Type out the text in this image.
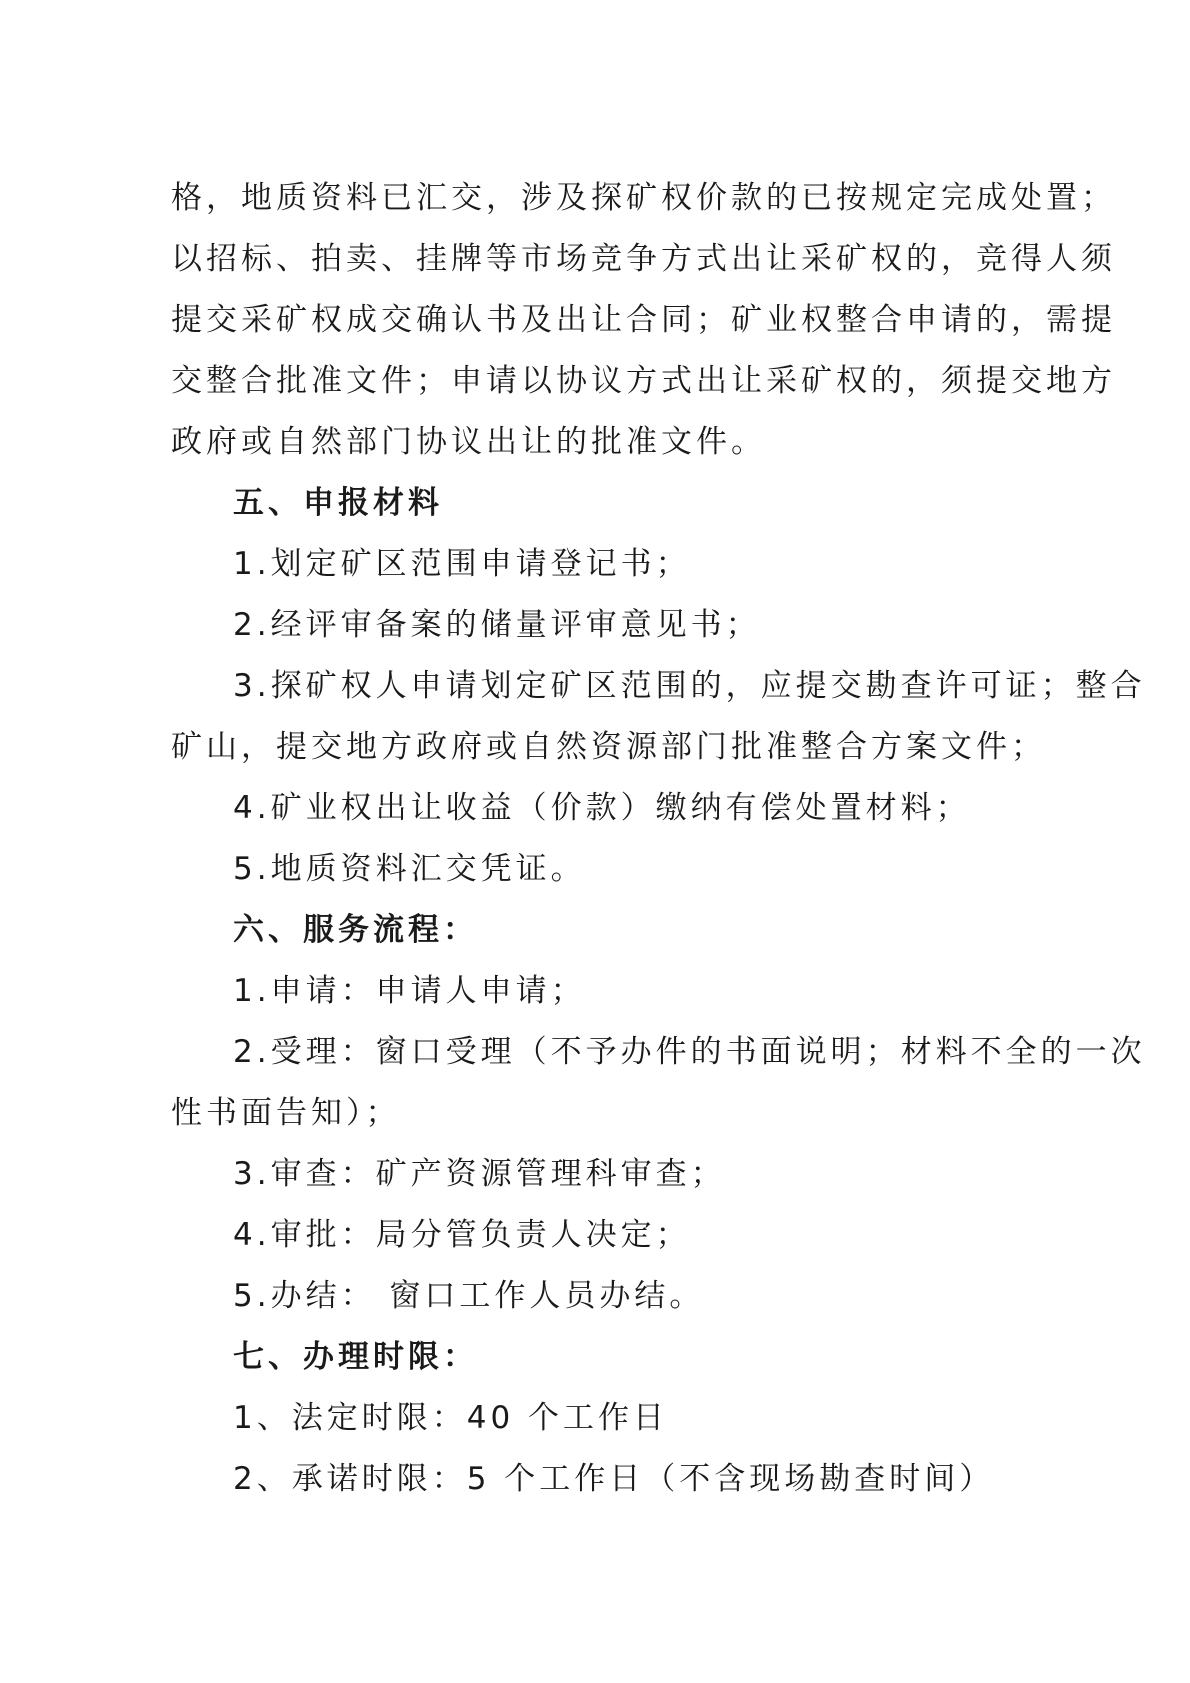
格，地质资料已汇交，涉及探矿权价款的已按规定完成处置；
以招标、拍卖、挂牌等市场竞争方式出让采矿权的，竞得人须
提交采矿权成交确认书及出让合同；矿业权整合申请的，需提
交整合批准文件；申请以协议方式出让采矿权的，须提交地方
政府或自然部门协议出让的批准文件。
五、申报材料
1.划定矿区范围申请登记书；
2.经评审备案的储量评审意见书；
3.探矿权人申请划定矿区范围的，应提交勘查许可证；整合
矿山，提交地方政府或自然资源部门批准整合方案文件；
4.矿业权出让收益（价款）缴纳有偿处置材料；
5.地质资料汇交凭证。
六、服务流程：
1.申请：申请人申请；
2.受理：窗口受理（不予办件的书面说明；材料不全的一次
性书面告知）；
3.审查：矿产资源管理科审查；
4.审批：局分管负责人决定；
5.办结： 窗口工作人员办结。
七、办理时限：
1、法定时限：40 个工作日
2、承诺时限：5 个工作日（不含现场勘查时间）
